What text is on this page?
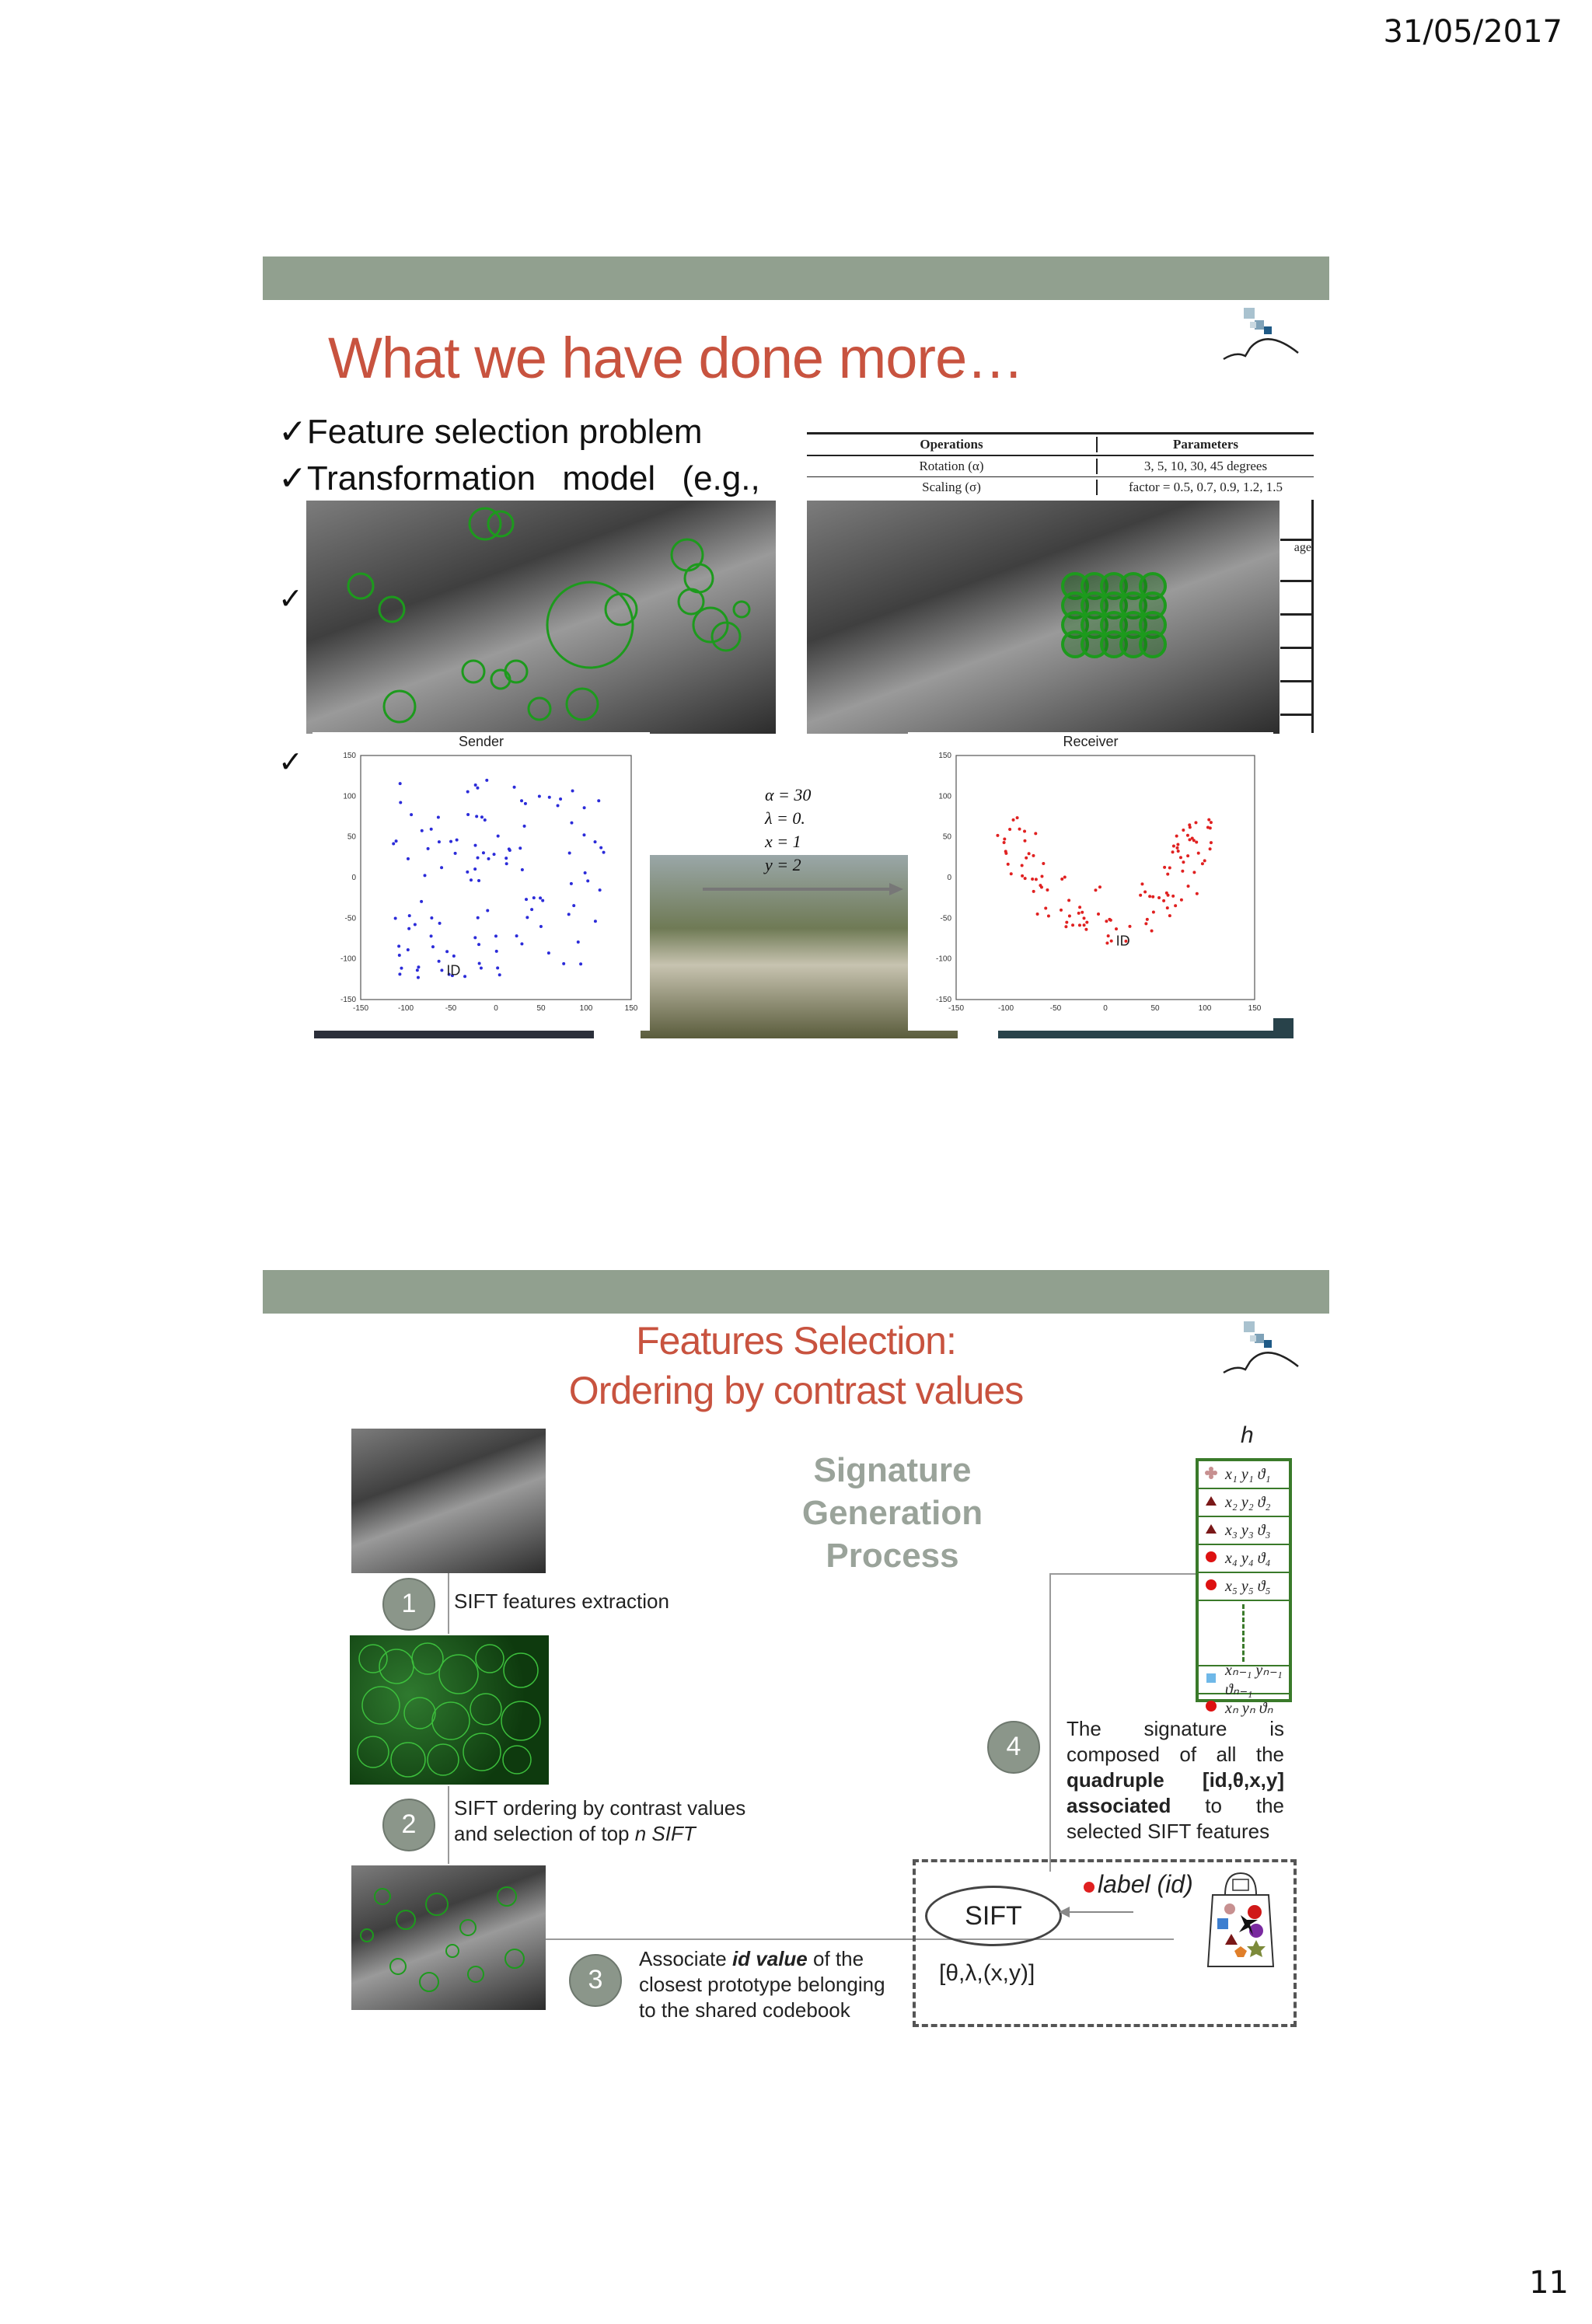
31/05/2017
11
What we have done more…
✓Feature selection problem
✓Transformation model (e.g.,
✓
✓
Operations	Parameters
Rotation (α)	3, 5, 10, 30, 45 degrees
Scaling (σ)	factor = 0.5, 0.7, 0.9, 1.2, 1.5
age
α = 30
λ = 0.
x = 1
y = 2
Sender
150
100
50
0
-50
-100
-150
-150	-100	-50	0	50	100	150
ID
Receiver
150
100
50
0
-50
-100
-150
-150	-100	-50	0	50	100	150
ID
Features Selection:
Ordering by contrast values
Signature
Generation
Process
1	SIFT features extraction
2
SIFT ordering by contrast values
and selection of top n SIFT
3
Associate id value of the
closest prototype belonging
to the shared codebook
4
The signature is
composed of all the
quadruple [id,θ,x,y]
associated to the
selected SIFT features
h
x₁ y₁ ϑ₁
x₂ y₂ ϑ₂
x₃ y₃ ϑ₃
x₄ y₄ ϑ₄
x₅ y₅ ϑ₅
xₙ₋₁ yₙ₋₁ ϑₙ₋₁
xₙ yₙ ϑₙ
SIFT
[θ,λ,(x,y)]
label (id)
